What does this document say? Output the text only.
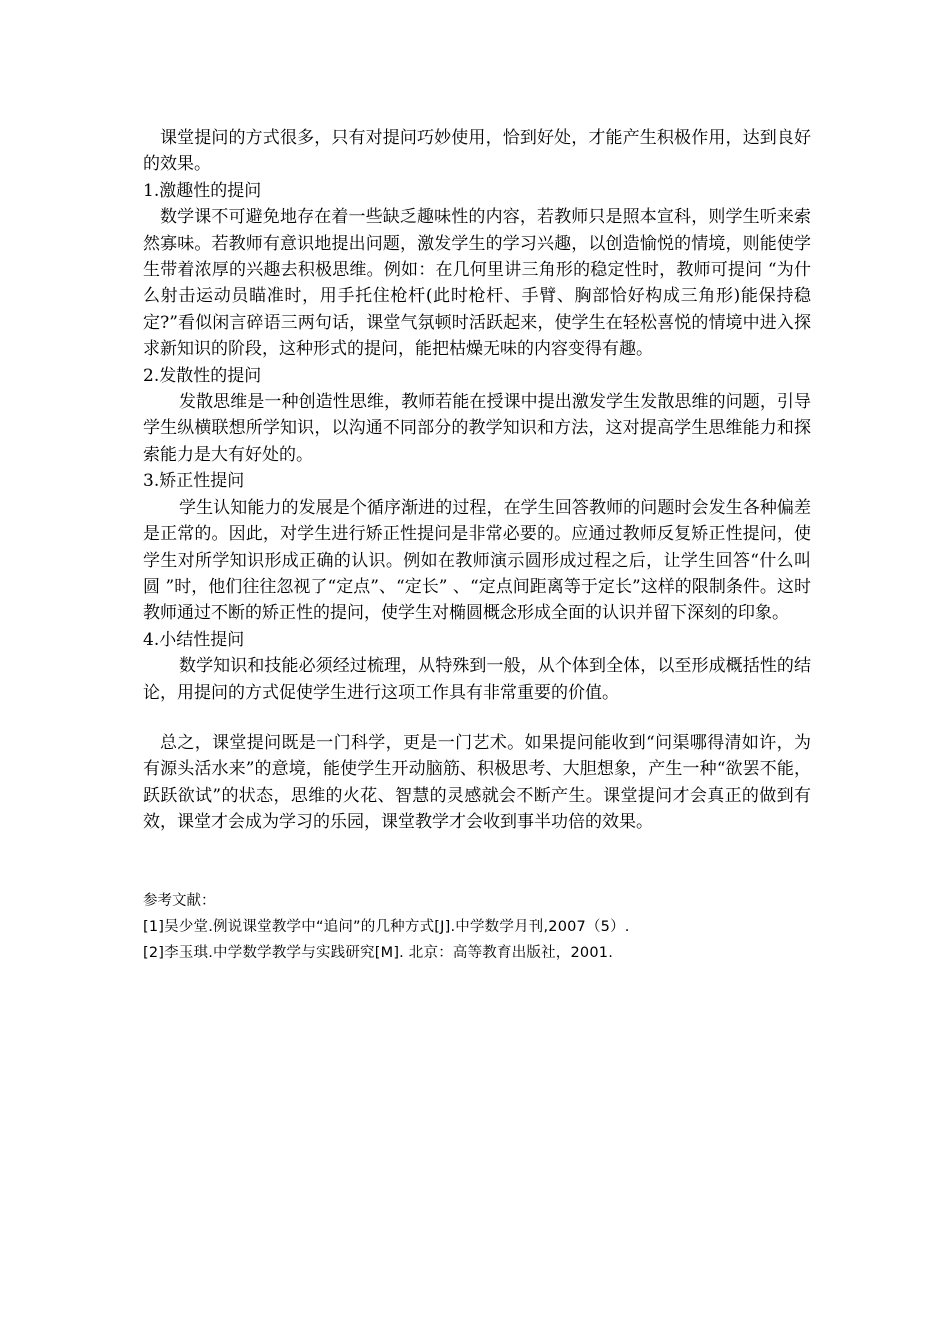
课堂提问的方式很多，只有对提问巧妙使用，恰到好处，才能产生积极作用，达到良好的效果。

1.激趣性的提问

数学课不可避免地存在着一些缺乏趣味性的内容，若教师只是照本宣科，则学生听来索然寡味。若教师有意识地提出问题，激发学生的学习兴趣，以创造愉悦的情境，则能使学生带着浓厚的兴趣去积极思维。例如：在几何里讲三角形的稳定性时，教师可提问 “为什么射击运动员瞄准时，用手托住枪杆(此时枪杆、手臂、胸部恰好构成三角形)能保持稳定?”看似闲言碎语三两句话，课堂气氛顿时活跃起来，使学生在轻松喜悦的情境中进入探求新知识的阶段，这种形式的提问，能把枯燥无味的内容变得有趣。

2.发散性的提问

发散思维是一种创造性思维，教师若能在授课中提出激发学生发散思维的问题，引导学生纵横联想所学知识，以沟通不同部分的教学知识和方法，这对提高学生思维能力和探索能力是大有好处的。

3.矫正性提问

学生认知能力的发展是个循序渐进的过程，在学生回答教师的问题时会发生各种偏差是正常的。因此，对学生进行矫正性提问是非常必要的。应通过教师反复矫正性提问，使学生对所学知识形成正确的认识。例如在教师演示圆形成过程之后，让学生回答“什么叫圆 ”时，他们往往忽视了“定点”、“定长” 、“定点间距离等于定长”这样的限制条件。这时教师通过不断的矫正性的提问，使学生对椭圆概念形成全面的认识并留下深刻的印象。

4.小结性提问

数学知识和技能必须经过梳理，从特殊到一般，从个体到全体，以至形成概括性的结论，用提问的方式促使学生进行这项工作具有非常重要的价值。

总之，课堂提问既是一门科学，更是一门艺术。如果提问能收到“问渠哪得清如许，为有源头活水来”的意境，能使学生开动脑筋、积极思考、大胆想象，产生一种“欲罢不能，跃跃欲试”的状态，思维的火花、智慧的灵感就会不断产生。课堂提问才会真正的做到有效，课堂才会成为学习的乐园，课堂教学才会收到事半功倍的效果。

参考文献：

[1]吴少堂.例说课堂教学中“追问”的几种方式[J].中学数学月刊,2007（5）.

[2]李玉琪.中学数学教学与实践研究[M]. 北京：高等教育出版社，2001.
